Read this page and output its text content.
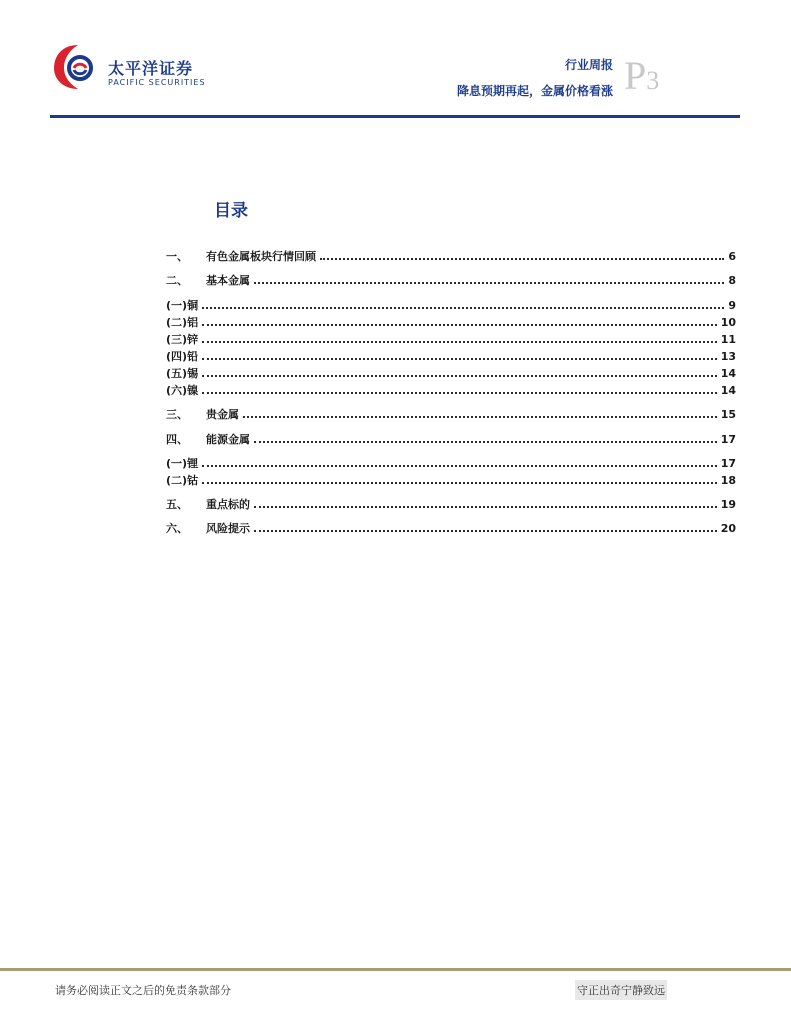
太平洋证券
PACIFIC SECURITIES
行业周报
降息预期再起，金属价格看涨 P3
目录
一、	有色金属板块行情回顾	6
二、	基本金属	8
(一) 铜	9
(二) 铝	10
(三) 锌	11
(四) 铅	13
(五) 锡	14
(六) 镍	14
三、	贵金属	15
四、	能源金属	17
(一) 锂	17
(二) 钴	18
五、	重点标的	19
六、	风险提示	20
请务必阅读正文之后的免责条款部分	守正出奇宁静致远
